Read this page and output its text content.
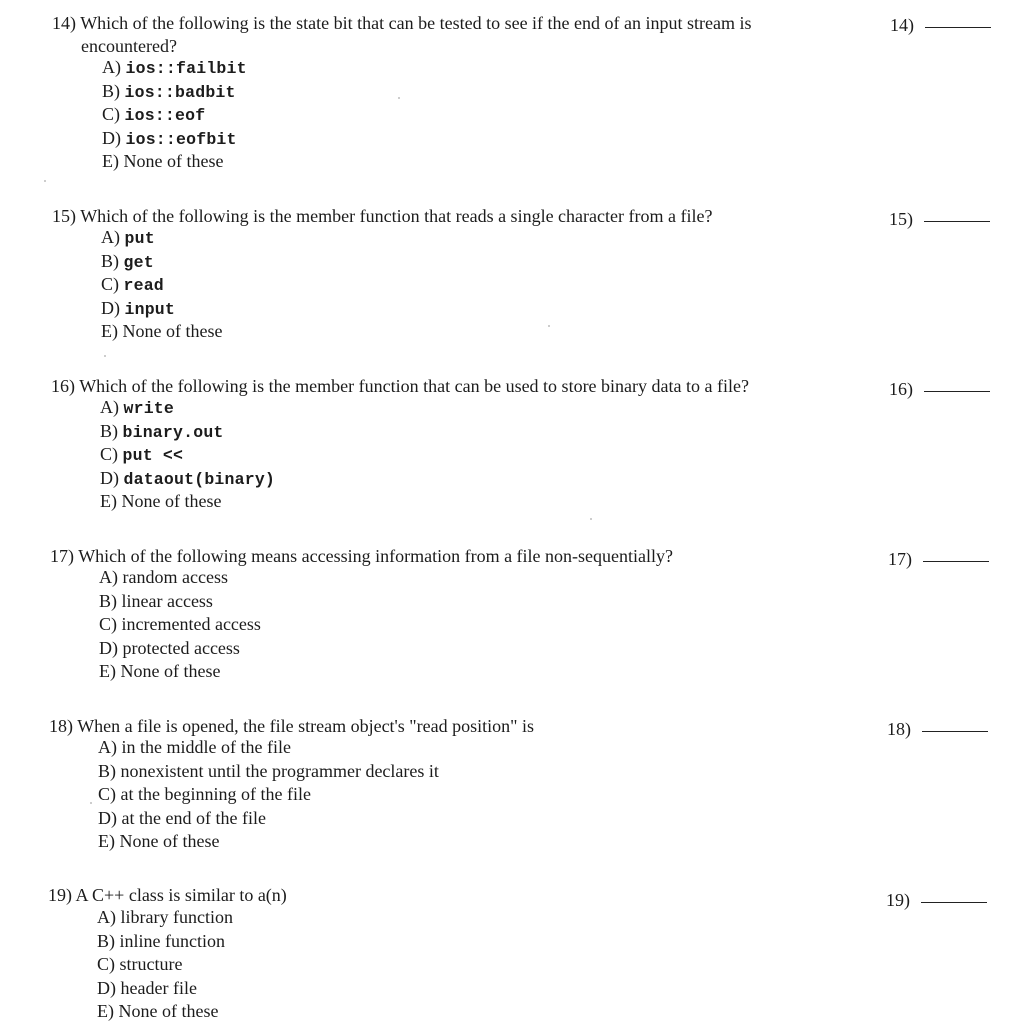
14) Which of the following is the state bit that can be tested to see if the end of an input stream is
encountered?
14)
A) ios::failbit
B) ios::badbit
C) ios::eof
D) ios::eofbit
E) None of these
15) Which of the following is the member function that reads a single character from a file?	15)
A) put
B) get
C) read
D) input
E) None of these
16) Which of the following is the member function that can be used to store binary data to a file?	16)
A) write
B) binary.out
C) put <<
D) dataout(binary)
E) None of these
17) Which of the following means accessing information from a file non-sequentially?	17)
A) random access
B) linear access
C) incremented access
D) protected access
E) None of these
18) When a file is opened, the file stream object's "read position" is	18)
A) in the middle of the file
B) nonexistent until the programmer declares it
C) at the beginning of the file
D) at the end of the file
E) None of these
19) A C++ class is similar to a(n)	19)
A) library function
B) inline function
C) structure
D) header file
E) None of these
